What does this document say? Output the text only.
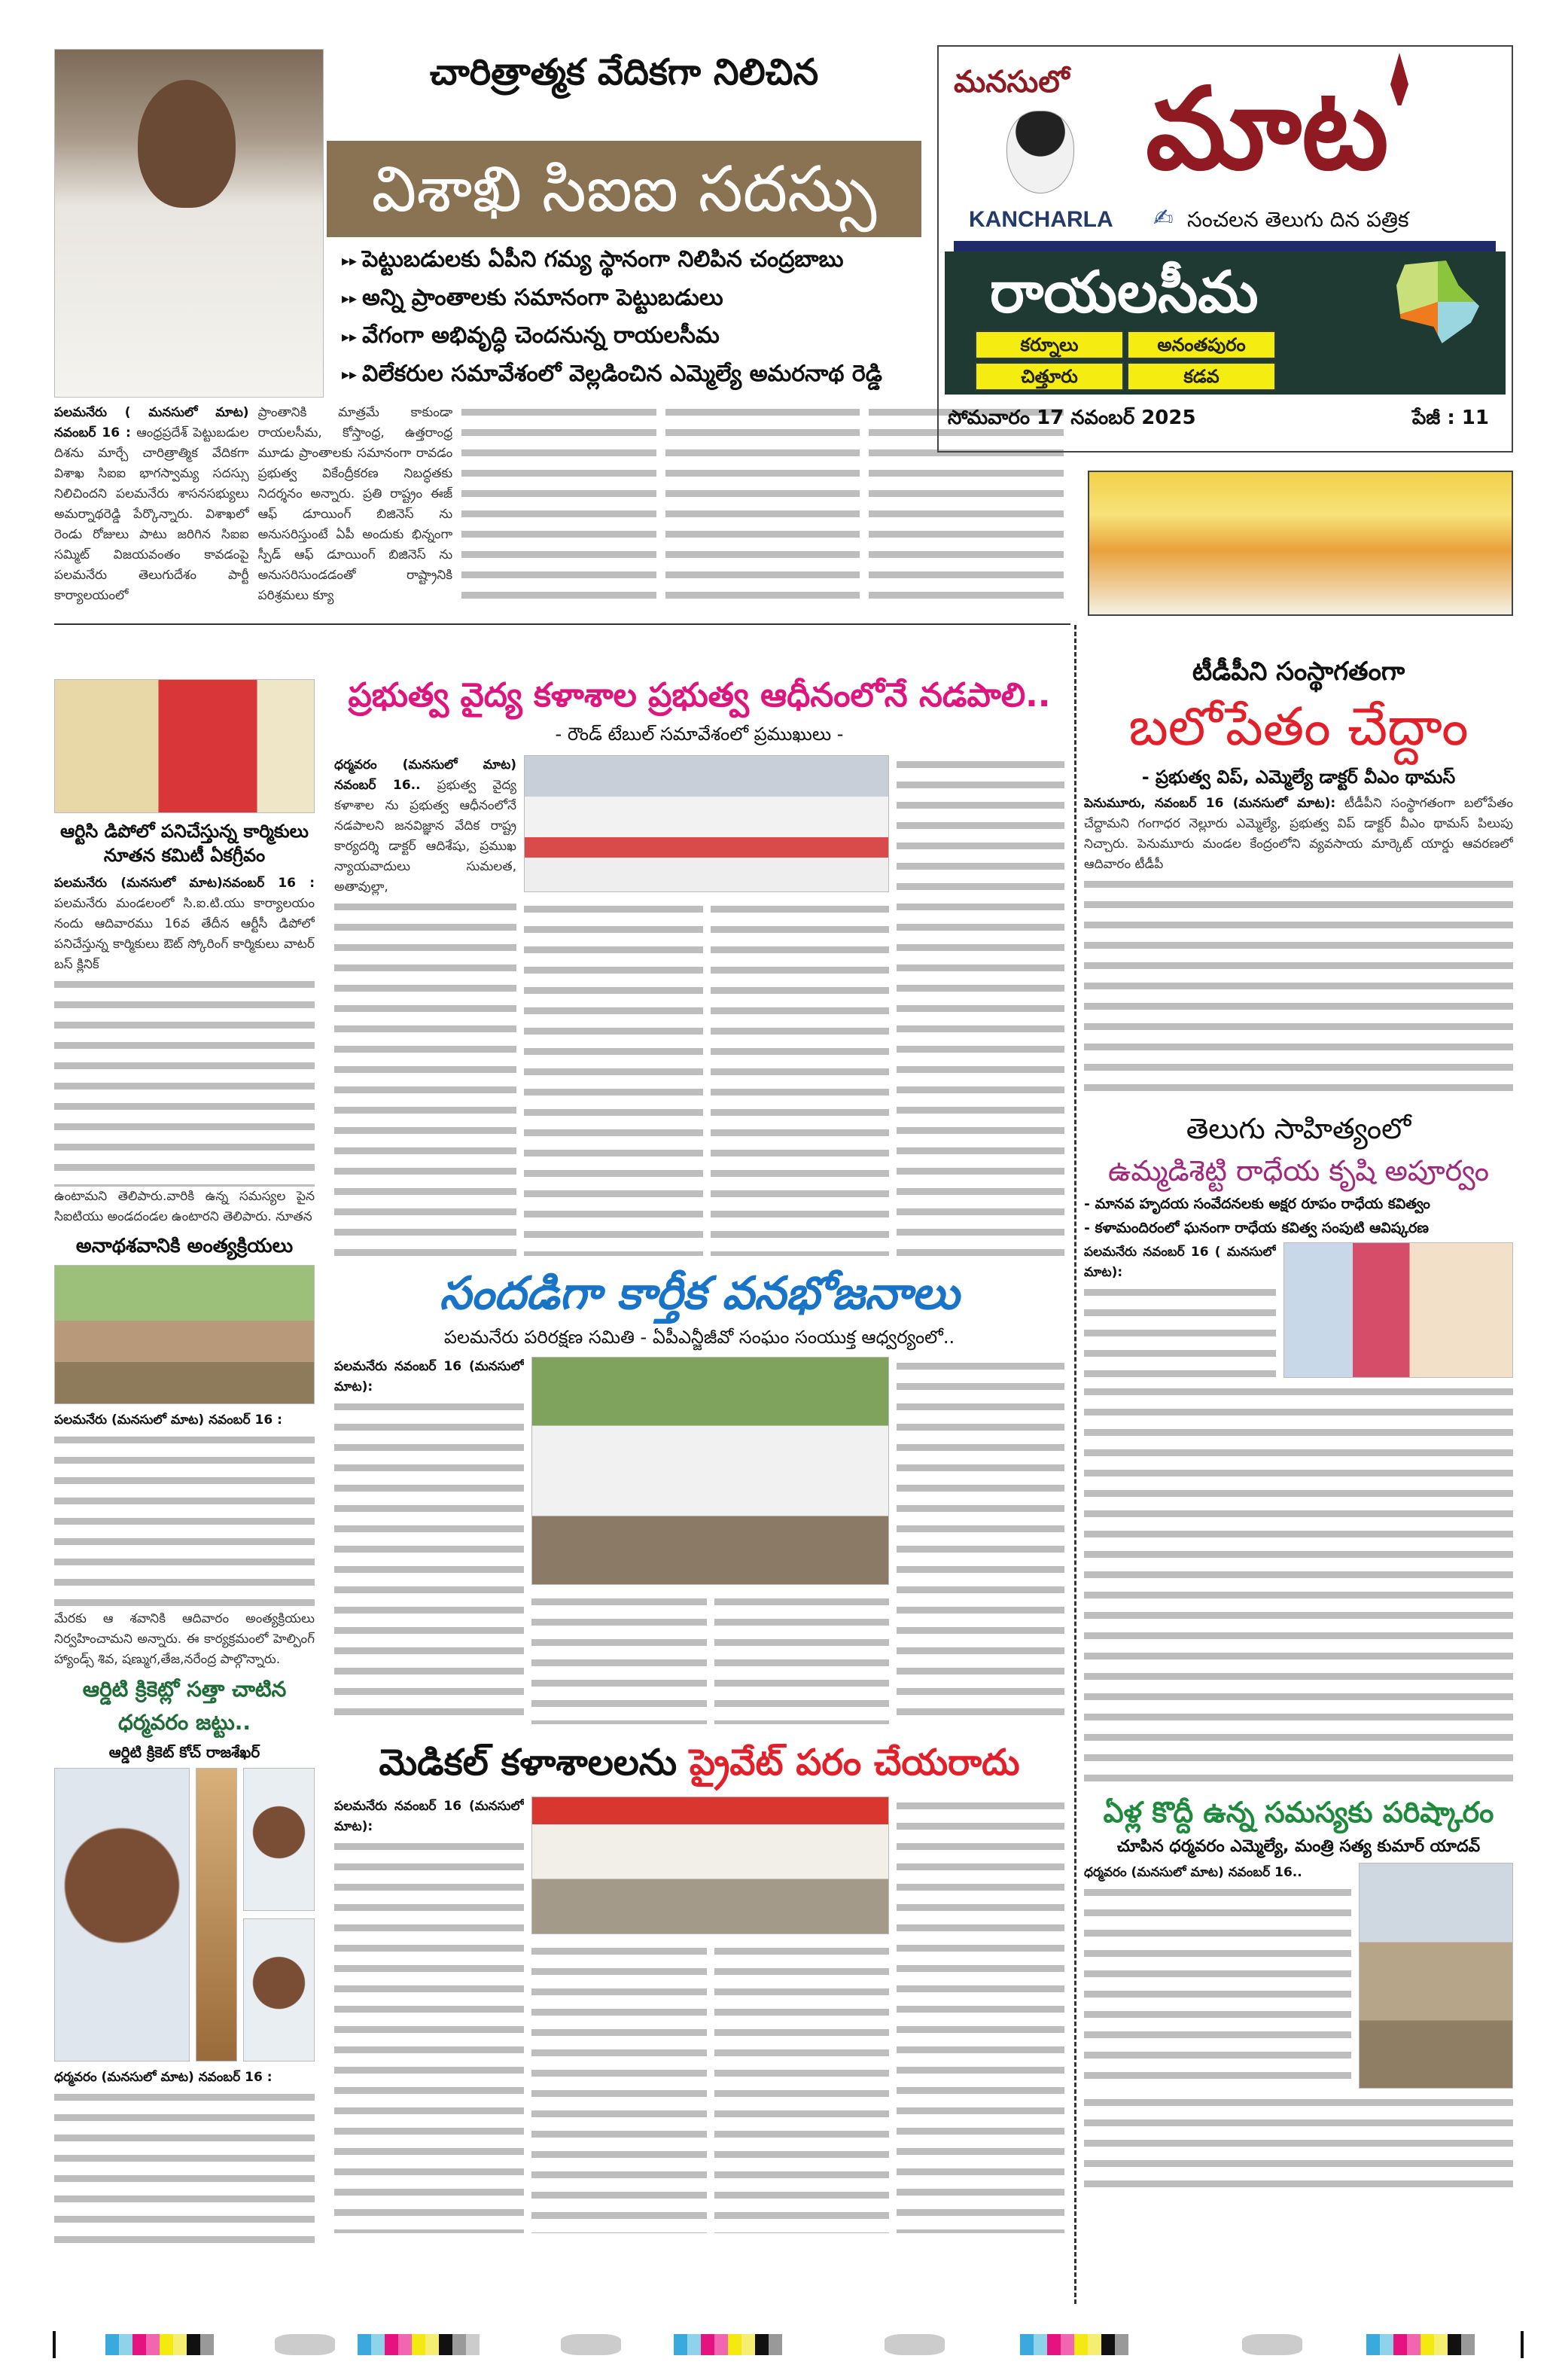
చారిత్రాత్మక వేదికగా నిలిచిన
విశాఖి సిఐఐ సదస్సు
▸▸ పెట్టుబడులకు ఏపీని గమ్య స్థానంగా నిలిపిన చంద్రబాబు
▸▸ అన్ని ప్రాంతాలకు సమానంగా పెట్టుబడులు
▸▸ వేగంగా అభివృద్ధి చెందనున్న రాయలసీమ
▸▸ విలేకరుల సమావేశంలో వెల్లడించిన ఎమ్మెల్యే అమరనాథ రెడ్డి

పలమనేరు ( మనసులో మాట) నవంబర్ 16 : ఆంధ్రప్రదేశ్ పెట్టుబడుల దిశను మార్చే చారిత్రాత్మిక వేదికగా విశాఖ సిఐఐ భాగస్వామ్య సదస్సు నిలిచిందని పలమనేరు శాసనసభ్యులు అమర్నాథరెడ్డి పేర్కొన్నారు. విశాఖలో రెండు రోజులు పాటు జరిగిన సిఐఐ సమ్మిట్ విజయవంతం కావడంపై పలమనేరు తెలుగుదేశం పార్టీ కార్యాలయంలో

ప్రాంతానికి మాత్రమే కాకుండా రాయలసీమ, కోస్తాంధ్ర, ఉత్తరాంధ్ర మూడు ప్రాంతాలకు సమానంగా రావడం ప్రభుత్వ వికేంద్రీకరణ నిబద్ధతకు నిదర్శనం అన్నారు. ప్రతి రాష్ట్రం ఈజ్ ఆఫ్ డూయింగ్ బిజినెస్ ను అనుసరిస్తుంటే ఏపీ అందుకు భిన్నంగా స్పీడ్ ఆఫ్ డూయింగ్ బిజినెస్ ను అనుసరిసుండడంతో రాష్ట్రానికి పరిశ్రమలు క్యూ

మనసులో మాట
KANCHARLA	✍ సంచలన తెలుగు దిన పత్రిక
రాయలసీమ
కర్నూలు	అనంతపురం
చిత్తూరు	కడవ
సోమవారం 17 నవంబర్ 2025	పేజీ : 11
ఆర్టిసి డిపోలో పనిచేస్తున్న కార్మికులు నూతన కమిటీ ఏకగ్రీవం

పలమనేరు (మనసులో మాట)నవంబర్ 16 : పలమనేరు మండలంలో సి.ఐ.టి.యు కార్యాలయం నందు ఆదివారము 16వ తేదీన ఆర్టీసీ డిపోలో పనిచేస్తున్న కార్మికులు ఔట్ స్కోరింగ్ కార్మికులు వాటర్ బస్ క్లినిక్

ఉంటామని తెలిపారు.వారికి ఉన్న సమస్యల పైన సిఐటియు అండదండల ఉంటారని తెలిపారు. నూతన

అనాథశవానికి అంత్యక్రియలు

పలమనేరు (మనసులో మాట) నవంబర్ 16 :

మేరకు ఆ శవానికి ఆదివారం అంత్యక్రియలు నిర్వహించామని అన్నారు. ఈ కార్యక్రమంలో హెల్పింగ్ హ్యాండ్స్ శివ, షణ్ముగ,తేజ,నరేంద్ర పాల్గొన్నారు.

ఆర్డిటి క్రికెట్లో సత్తా చాటిన
ధర్మవరం జట్టు..
ఆర్డిటి క్రికెట్ కోచ్ రాజశేఖర్

ధర్మవరం (మనసులో మాట) నవంబర్ 16 :

ప్రభుత్వ వైద్య కళాశాల ప్రభుత్వ ఆధీనంలోనే నడపాలి..
- రౌండ్ టేబుల్ సమావేశంలో ప్రముఖులు -

ధర్మవరం (మనసులో మాట) నవంబర్ 16.. ప్రభుత్వ వైద్య కళాశాల ను ప్రభుత్వ ఆధీనంలోనే నడపాలని జనవిజ్ఞాన వేదిక రాష్ట్ర కార్యదర్శి డాక్టర్ ఆదిశేషు, ప్రముఖ న్యాయవాదులు సుమలత, అతావుల్లా,

సందడిగా కార్తీక వనభోజనాలు
పలమనేరు పరిరక్షణ సమితి - ఏపీఎన్జీజీవో సంఘం సంయుక్త ఆధ్వర్యంలో..

పలమనేరు నవంబర్ 16 (మనసులో మాట):

మెడికల్ కళాశాలలను ప్రైవేట్ పరం చేయరాదు

పలమనేరు నవంబర్ 16 (మనసులో మాట):

టీడీపీని సంస్థాగతంగా
బలోపేతం చేద్దాం
- ప్రభుత్వ విప్, ఎమ్మెల్యే డాక్టర్ వీఎం థామస్

పెనుమూరు, నవంబర్ 16 (మనసులో మాట): టీడీపీని సంస్థాగతంగా బలోపేతం చేద్దామని గంగాధర నెల్లూరు ఎమ్మెల్యే, ప్రభుత్వ విప్ డాక్టర్ వీఎం థామస్ పిలుపు నిచ్చారు. పెనుమూరు మండల కేంద్రంలోని వ్యవసాయ మార్కెట్ యార్డు ఆవరణలో ఆదివారం టీడీపీ

తెలుగు సాహిత్యంలో
ఉమ్మడిశెట్టి రాధేయ కృషి అపూర్వం
- మానవ హృదయ సంవేదనలకు అక్షర రూపం రాధేయ కవిత్వం
- కళామందిరంలో ఘనంగా రాధేయ కవిత్వ సంపుటి ఆవిష్కరణ

పలమనేరు నవంబర్ 16 ( మనసులో మాట):

ఏళ్ల కొద్దీ ఉన్న సమస్యకు పరిష్కారం
చూపిన ధర్మవరం ఎమ్మెల్యే, మంత్రి సత్య కుమార్ యాదవ్

ధర్మవరం (మనసులో మాట) నవంబర్ 16..
